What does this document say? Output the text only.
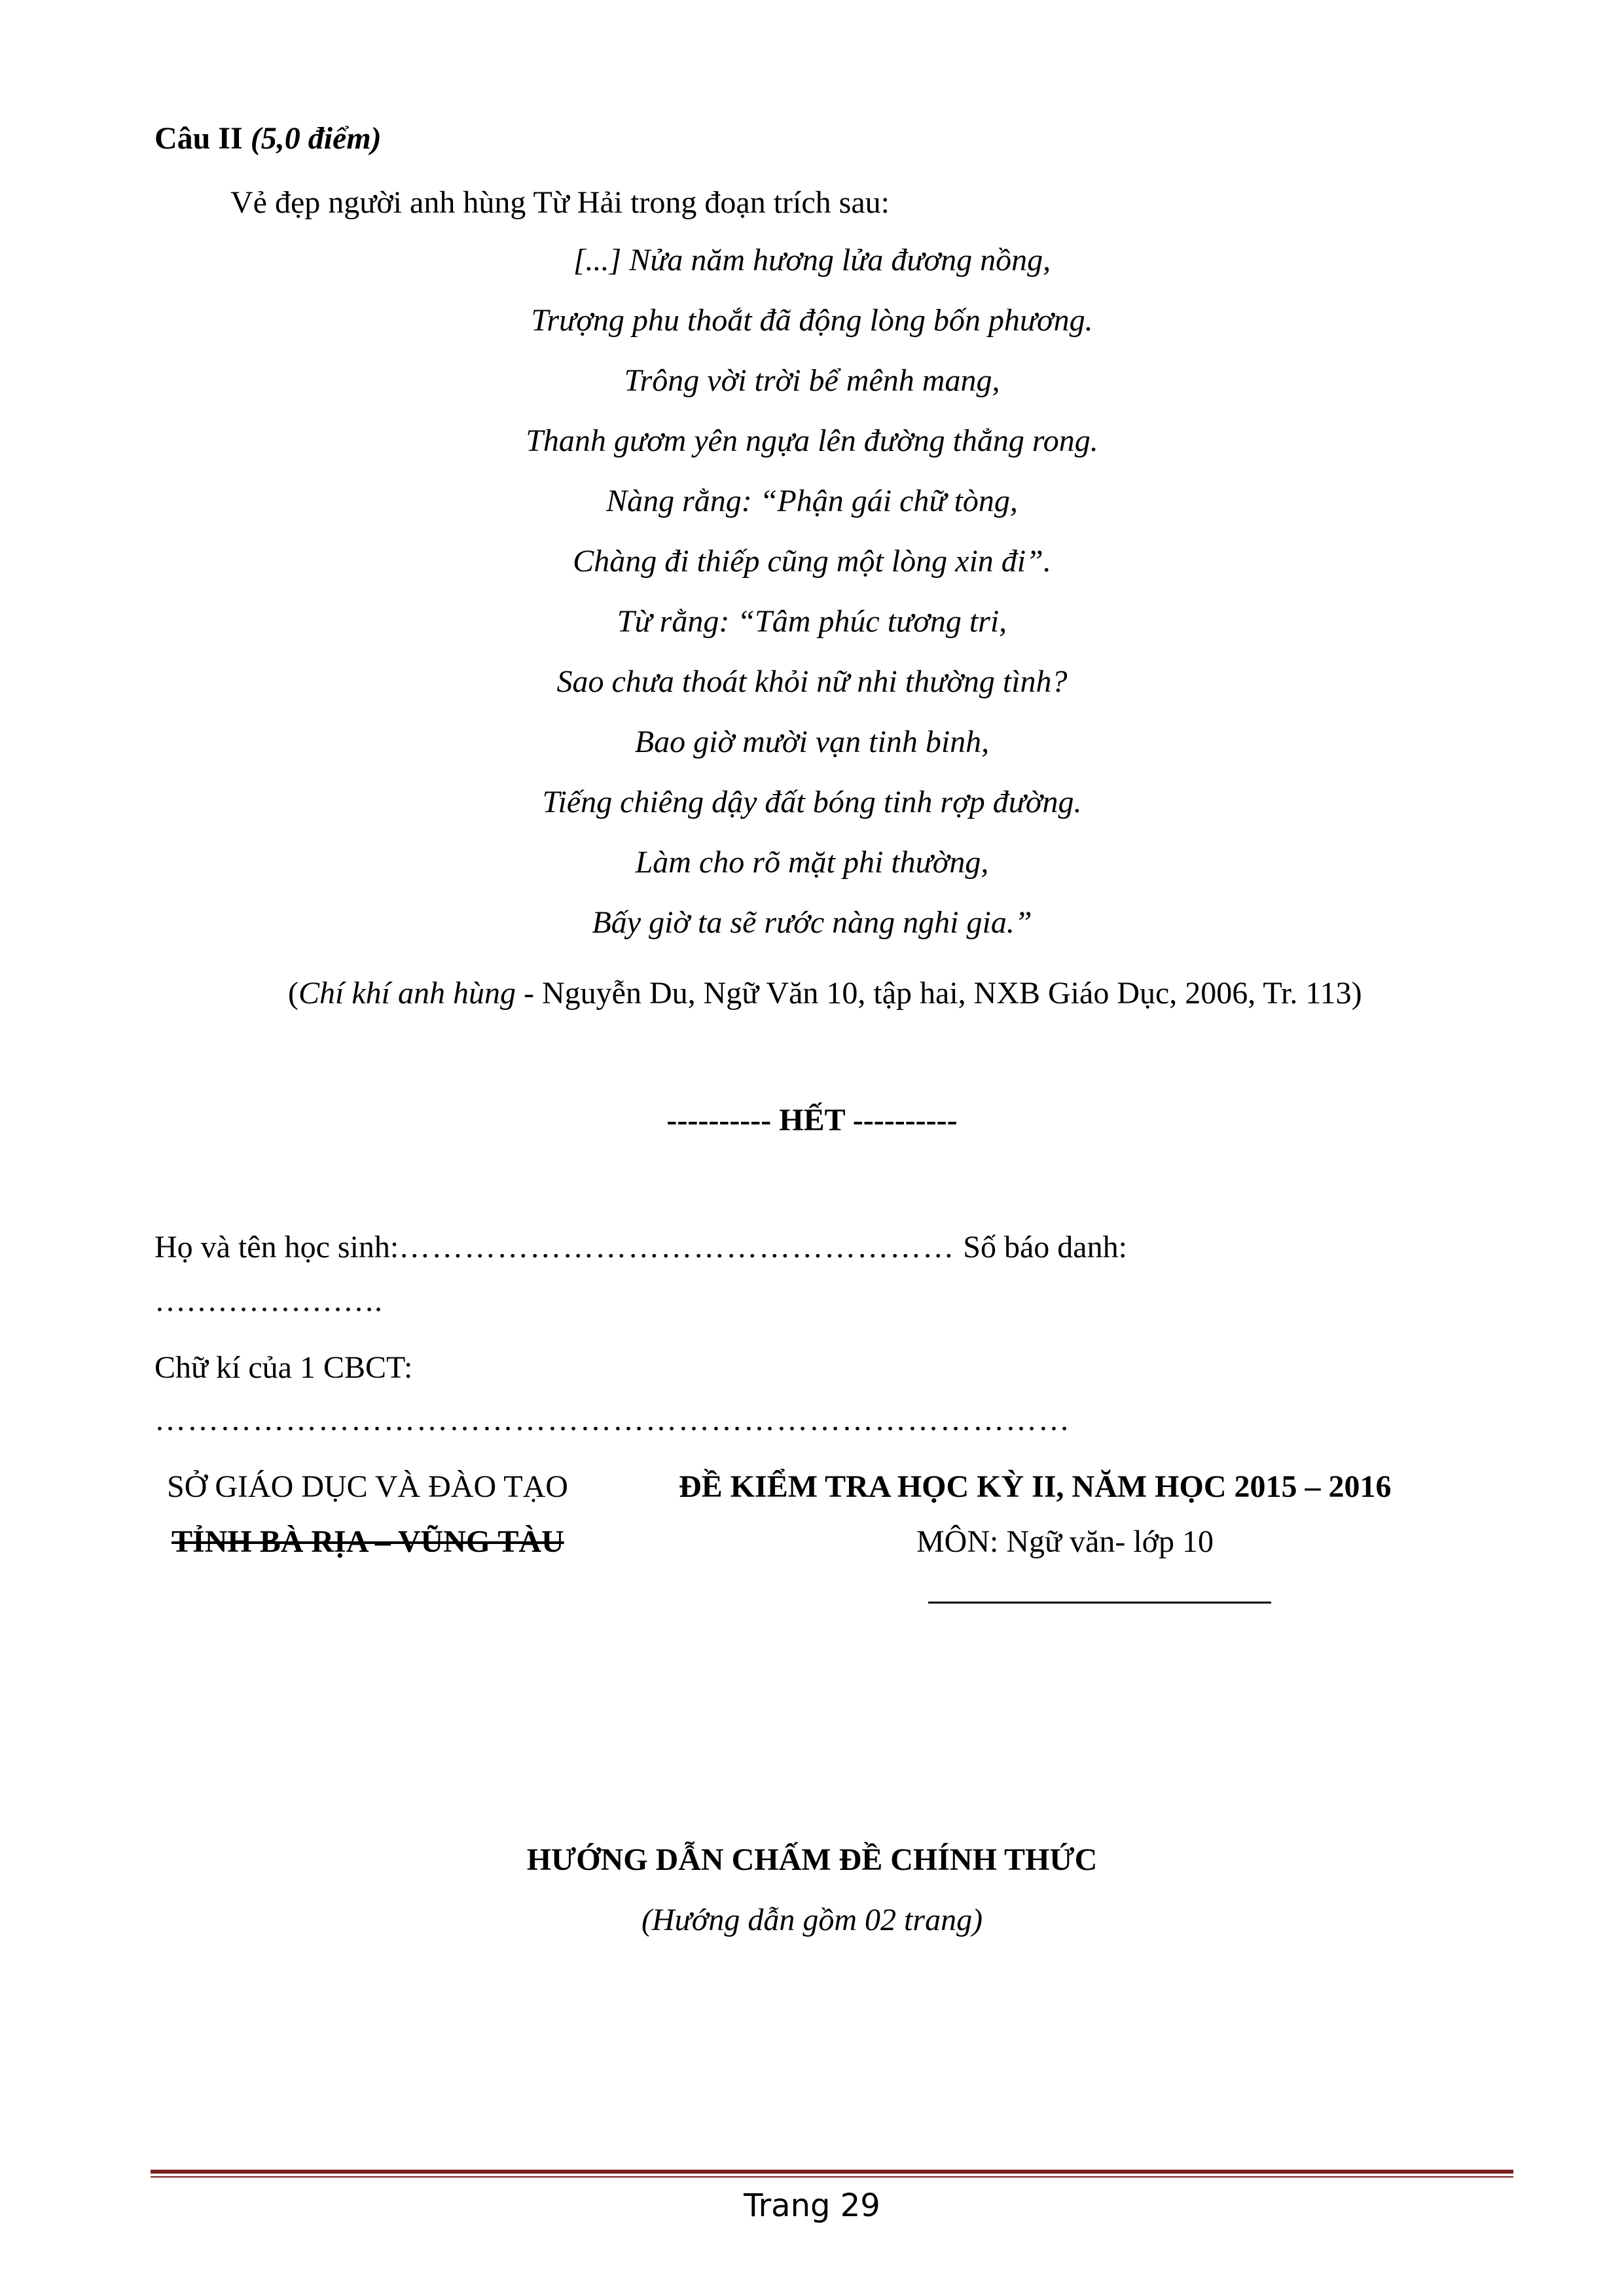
Câu II (5,0 điểm)
Vẻ đẹp người anh hùng Từ Hải trong đoạn trích sau:
[...] Nửa năm hương lửa đương nồng,
Trượng phu thoắt đã động lòng bốn phương.
Trông vời trời bể mênh mang,
Thanh gươm yên ngựa lên đường thẳng rong.
Nàng rằng: “Phận gái chữ tòng,
Chàng đi thiếp cũng một lòng xin đi”.
Từ rằng: “Tâm phúc tương tri,
Sao chưa thoát khỏi nữ nhi thường tình?
Bao giờ mười vạn tinh binh,
Tiếng chiêng dậy đất bóng tinh rợp đường.
Làm cho rõ mặt phi thường,
Bấy giờ ta sẽ rước nàng nghi gia.”
(Chí khí anh hùng - Nguyễn Du, Ngữ Văn 10, tập hai, NXB Giáo Dục, 2006, Tr. 113)
---------- HẾT ----------
Họ và tên học sinh:…………………………………………… Số báo danh:
………………….
Chữ kí của 1 CBCT:
…………………………………………………………………………
SỞ GIÁO DỤC VÀ ĐÀO TẠO
TỈNH BÀ RỊA – VŨNG TÀU
ĐỀ KIỂM TRA HỌC KỲ II, NĂM HỌC 2015 – 2016
MÔN: Ngữ văn- lớp 10
HƯỚNG DẪN CHẤM ĐỀ CHÍNH THỨC
(Hướng dẫn gồm 02 trang)
Trang 29
